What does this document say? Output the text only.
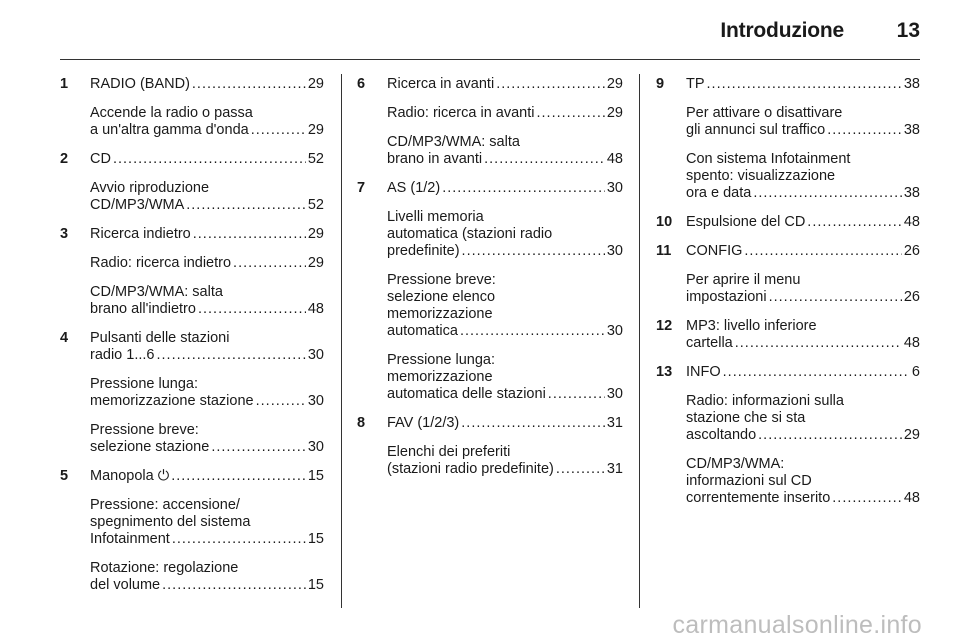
Introduzione	13
1	RADIO (BAND) .....	29
Accende la radio o passa
a un'altra gamma d'onda .....	29
2	CD .....	52
Avvio riproduzione
CD/MP3/WMA .....	52
3	Ricerca indietro .....	29
Radio: ricerca indietro .....	29
CD/MP3/WMA: salta
brano all'indietro .....	48
4	Pulsanti delle stazioni
radio 1...6 .....	30
Pressione lunga:
memorizzazione stazione .....	30
Pressione breve:
selezione stazione .....	30
5	Manopola ⏻ .....	15
Pressione: accensione/
spegnimento del sistema
Infotainment .....	15
Rotazione: regolazione
del volume .....	15
6	Ricerca in avanti .....	29
Radio: ricerca in avanti .....	29
CD/MP3/WMA: salta
brano in avanti .....	48
7	AS (1/2) .....	30
Livelli memoria
automatica (stazioni radio
predefinite) .....	30
Pressione breve:
selezione elenco
memorizzazione
automatica .....	30
Pressione lunga:
memorizzazione
automatica delle stazioni .....	30
8	FAV (1/2/3) .....	31
Elenchi dei preferiti
(stazioni radio predefinite) .....	31
9	TP .....	38
Per attivare o disattivare
gli annunci sul traffico .....	38
Con sistema Infotainment
spento: visualizzazione
ora e data .....	38
10 Espulsione del CD .....	48
11	CONFIG .....	26
Per aprire il menu
impostazioni .....	26
12 MP3: livello inferiore
cartella .....	48
13 INFO .....	6
Radio: informazioni sulla
stazione che si sta
ascoltando .....	29
CD/MP3/WMA:
informazioni sul CD
correntemente inserito .....	48
carmanualsonline.info
